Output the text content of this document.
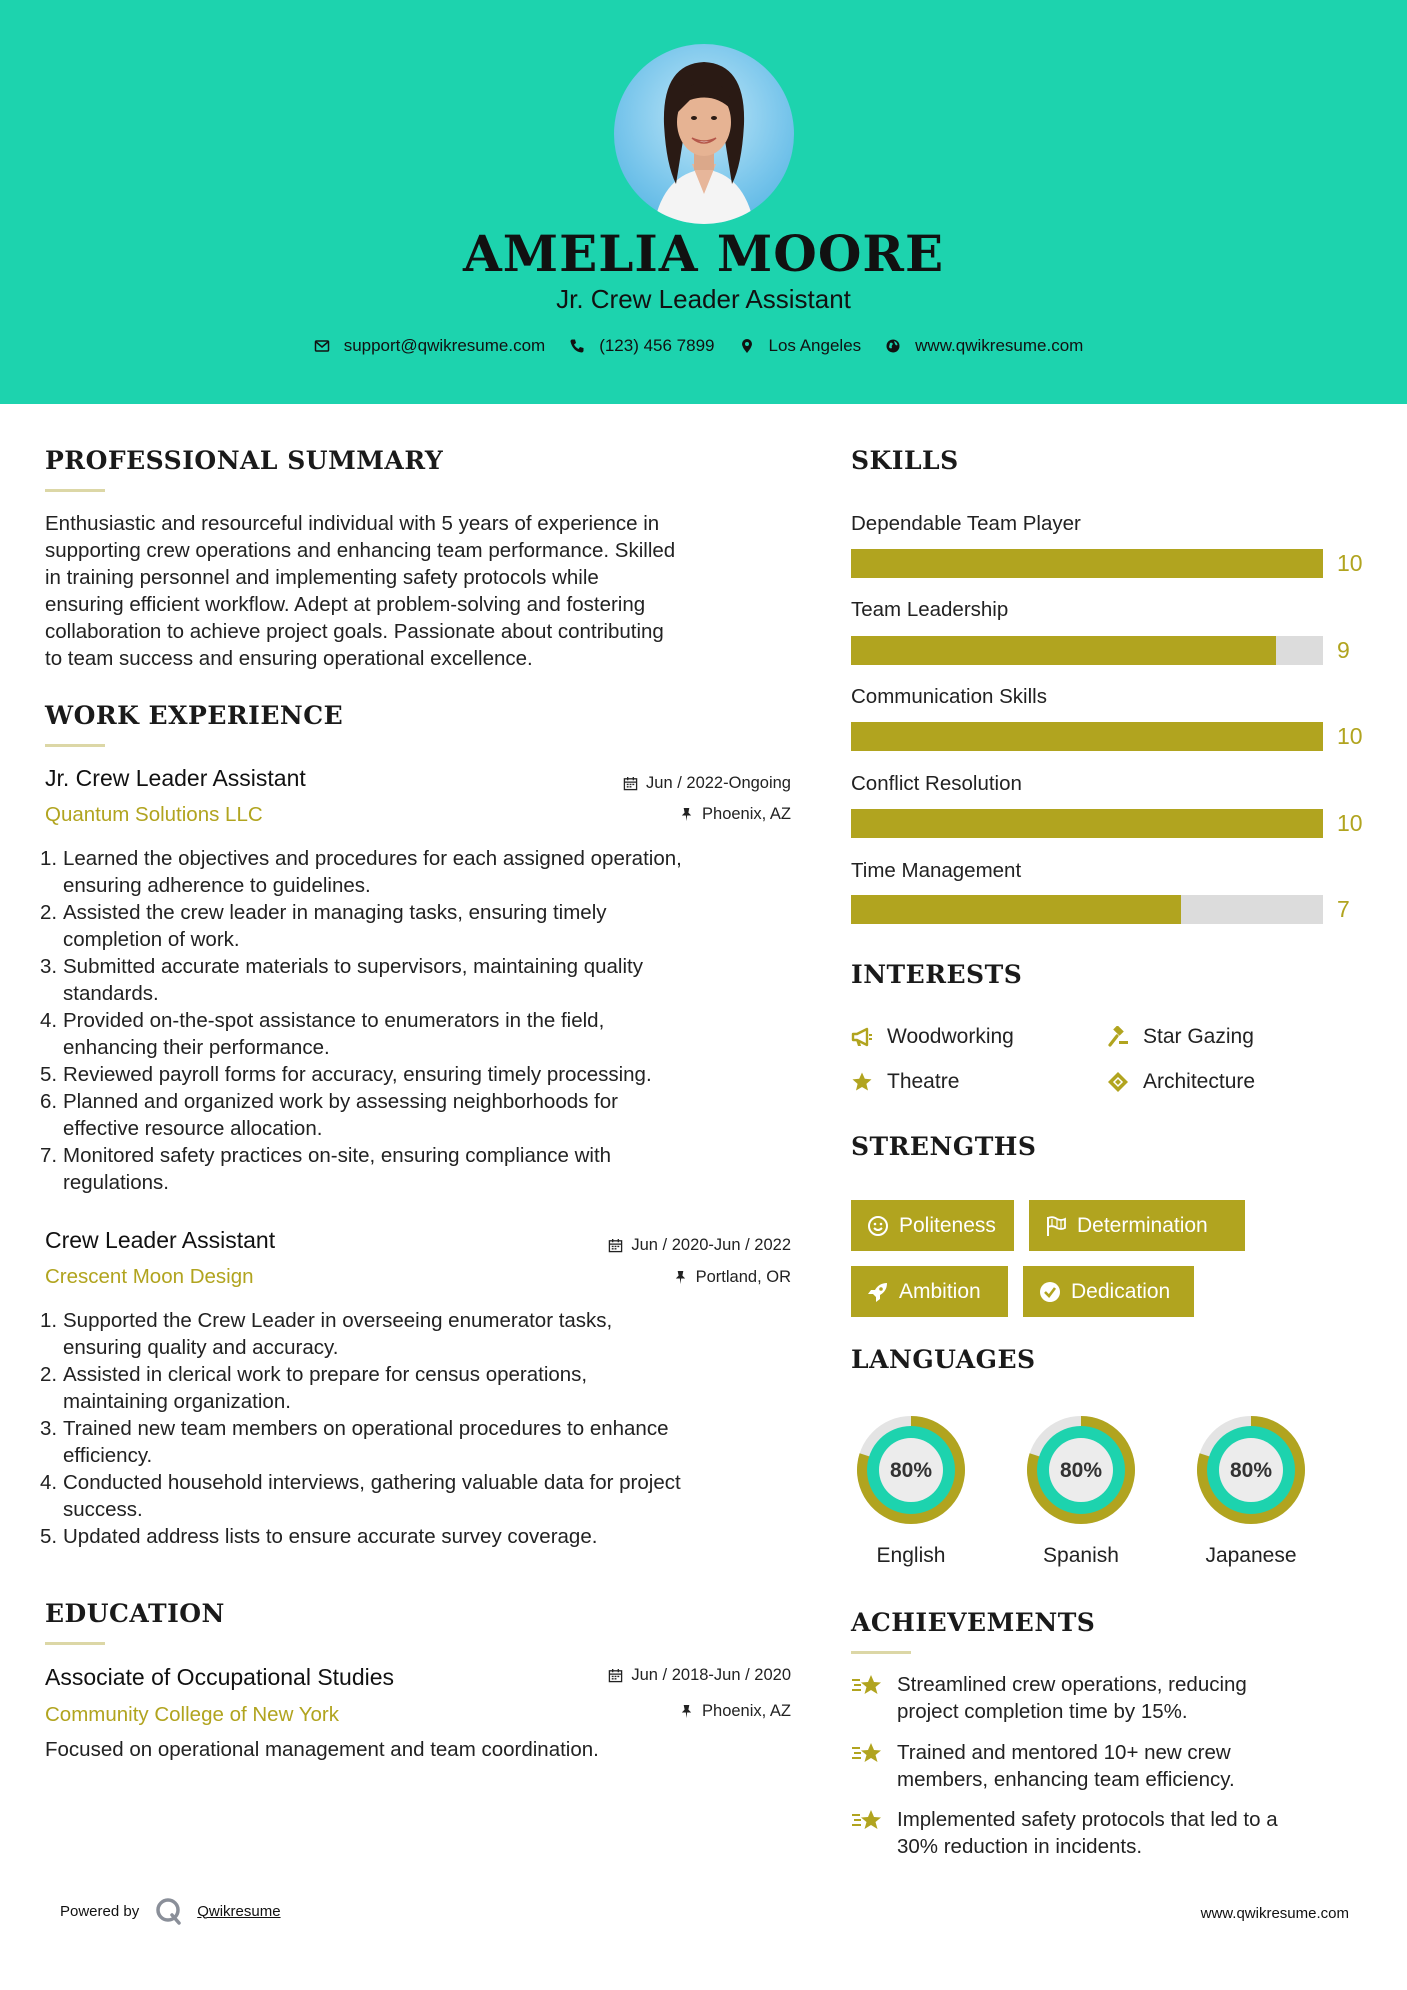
AMELIA MOORE
Jr. Crew Leader Assistant
support@qwikresume.com	(123) 456 7899	Los Angeles	www.qwikresume.com
PROFESSIONAL SUMMARY
Enthusiastic and resourceful individual with 5 years of experience in
supporting crew operations and enhancing team performance. Skilled
in training personnel and implementing safety protocols while
ensuring efficient workflow. Adept at problem-solving and fostering
collaboration to achieve project goals. Passionate about contributing
to team success and ensuring operational excellence.
WORK EXPERIENCE
Jr. Crew Leader Assistant
Quantum Solutions LLC
Jun / 2022-Ongoing
Phoenix, AZ
1. Learned the objectives and procedures for each assigned operation,
ensuring adherence to guidelines.
2. Assisted the crew leader in managing tasks, ensuring timely
completion of work.
3. Submitted accurate materials to supervisors, maintaining quality
standards.
4. Provided on-the-spot assistance to enumerators in the field,
enhancing their performance.
5. Reviewed payroll forms for accuracy, ensuring timely processing.
6. Planned and organized work by assessing neighborhoods for
effective resource allocation.
7. Monitored safety practices on-site, ensuring compliance with
regulations.
Crew Leader Assistant
Crescent Moon Design
Jun / 2020-Jun / 2022
Portland, OR
1. Supported the Crew Leader in overseeing enumerator tasks,
ensuring quality and accuracy.
2. Assisted in clerical work to prepare for census operations,
maintaining organization.
3. Trained new team members on operational procedures to enhance
efficiency.
4. Conducted household interviews, gathering valuable data for project
success.
5. Updated address lists to ensure accurate survey coverage.
EDUCATION
Associate of Occupational Studies
Community College of New York
Jun / 2018-Jun / 2020
Phoenix, AZ
Focused on operational management and team coordination.
SKILLS
Dependable Team Player
10
Team Leadership
9
Communication Skills
10
Conflict Resolution
10
Time Management
7
INTERESTS
Woodworking	Star Gazing
Theatre	Architecture
STRENGTHS
Politeness	Determination
Ambition	Dedication
LANGUAGES
80%
English
80%
Spanish
80%
Japanese
ACHIEVEMENTS
Streamlined crew operations, reducing
project completion time by 15%.
Trained and mentored 10+ new crew
members, enhancing team efficiency.
Implemented safety protocols that led to a
30% reduction in incidents.
Powered by	Qwikresume	www.qwikresume.com
